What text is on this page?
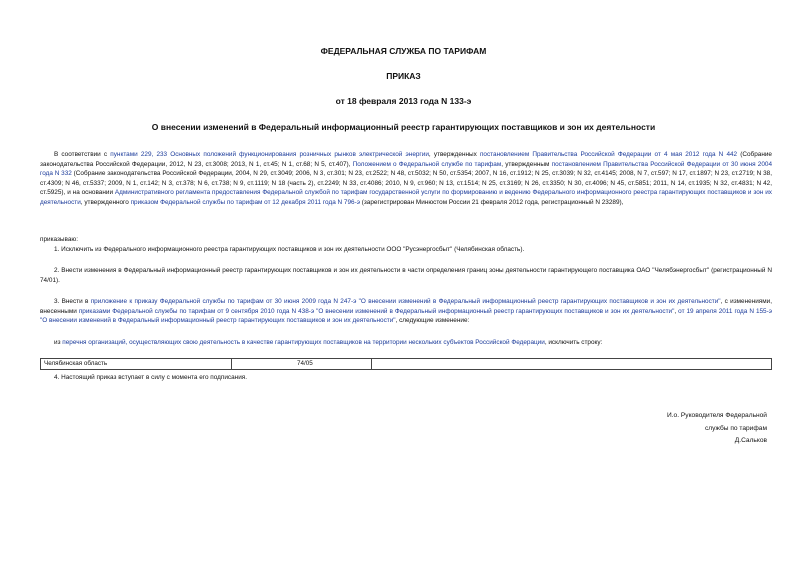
ФЕДЕРАЛЬНАЯ СЛУЖБА ПО ТАРИФАМ
ПРИКАЗ
от 18 февраля 2013 года N 133-э
О внесении изменений в Федеральный информационный реестр гарантирующих поставщиков и зон их деятельности
В соответствии с пунктами 229, 233 Основных положений функционирования розничных рынков электрической энергии, утвержденных постановлением Правительства Российской Федерации от 4 мая 2012 года N 442 (Собрание законодательства Российской Федерации, 2012, N 23, ст.3008; 2013, N 1, ст.45; N 1, ст.68; N 5, ст.407), Положением о Федеральной службе по тарифам, утвержденным постановлением Правительства Российской Федерации от 30 июня 2004 года N 332 (Собрание законодательства Российской Федерации, 2004, N 29, ст.3049; 2006, N 3, ст.301; N 23, ст.2522; N 48, ст.5032; N 50, ст.5354; 2007, N 16, ст.1912; N 25, ст.3039; N 32, ст.4145; 2008, N 7, ст.597; N 17, ст.1897; N 23, ст.2719; N 38, ст.4309; N 46, ст.5337; 2009, N 1, ст.142; N 3, ст.378; N 6, ст.738; N 9, ст.1119; N 18 (часть 2), ст.2249; N 33, ст.4086; 2010, N 9, ст.960; N 13, ст.1514; N 25, ст.3169; N 26, ст.3350; N 30, ст.4096; N 45, ст.5851; 2011, N 14, ст.1935; N 32, ст.4831; N 42, ст.5925), и на основании Административного регламента предоставления Федеральной службой по тарифам государственной услуги по формированию и ведению Федерального информационного реестра гарантирующих поставщиков и зон их деятельности, утвержденного приказом Федеральной службы по тарифам от 12 декабря 2011 года N 796-э (зарегистрирован Минюстом России 21 февраля 2012 года, регистрационный N 23289),
приказываю:
1. Исключить из Федерального информационного реестра гарантирующих поставщиков и зон их деятельности ООО "Русэнергосбыт" (Челябинская область).
2. Внести изменения в Федеральный информационный реестр гарантирующих поставщиков и зон их деятельности в части определения границ зоны деятельности гарантирующего поставщика ОАО "Челябэнергосбыт" (регистрационный N 74/01).
3. Внести в приложение к приказу Федеральной службы по тарифам от 30 июня 2009 года N 247-э "О внесении изменений в Федеральный информационный реестр гарантирующих поставщиков и зон их деятельности", с изменениями, внесенными приказами Федеральной службы по тарифам от 9 сентября 2010 года N 438-э "О внесении изменений в Федеральный информационный реестр гарантирующих поставщиков и зон их деятельности", от 19 апреля 2011 года N 155-э "О внесении изменений в Федеральный информационный реестр гарантирующих поставщиков и зон их деятельности", следующие изменение:
из перечня организаций, осуществляющих свою деятельность в качестве гарантирующих поставщиков на территории нескольких субъектов Российской Федерации, исключить строку:
Челябинская область	74/05
4. Настоящий приказ вступает в силу с момента его подписания.
И.о. Руководителя Федеральной
службы по тарифам
Д.Сальков
